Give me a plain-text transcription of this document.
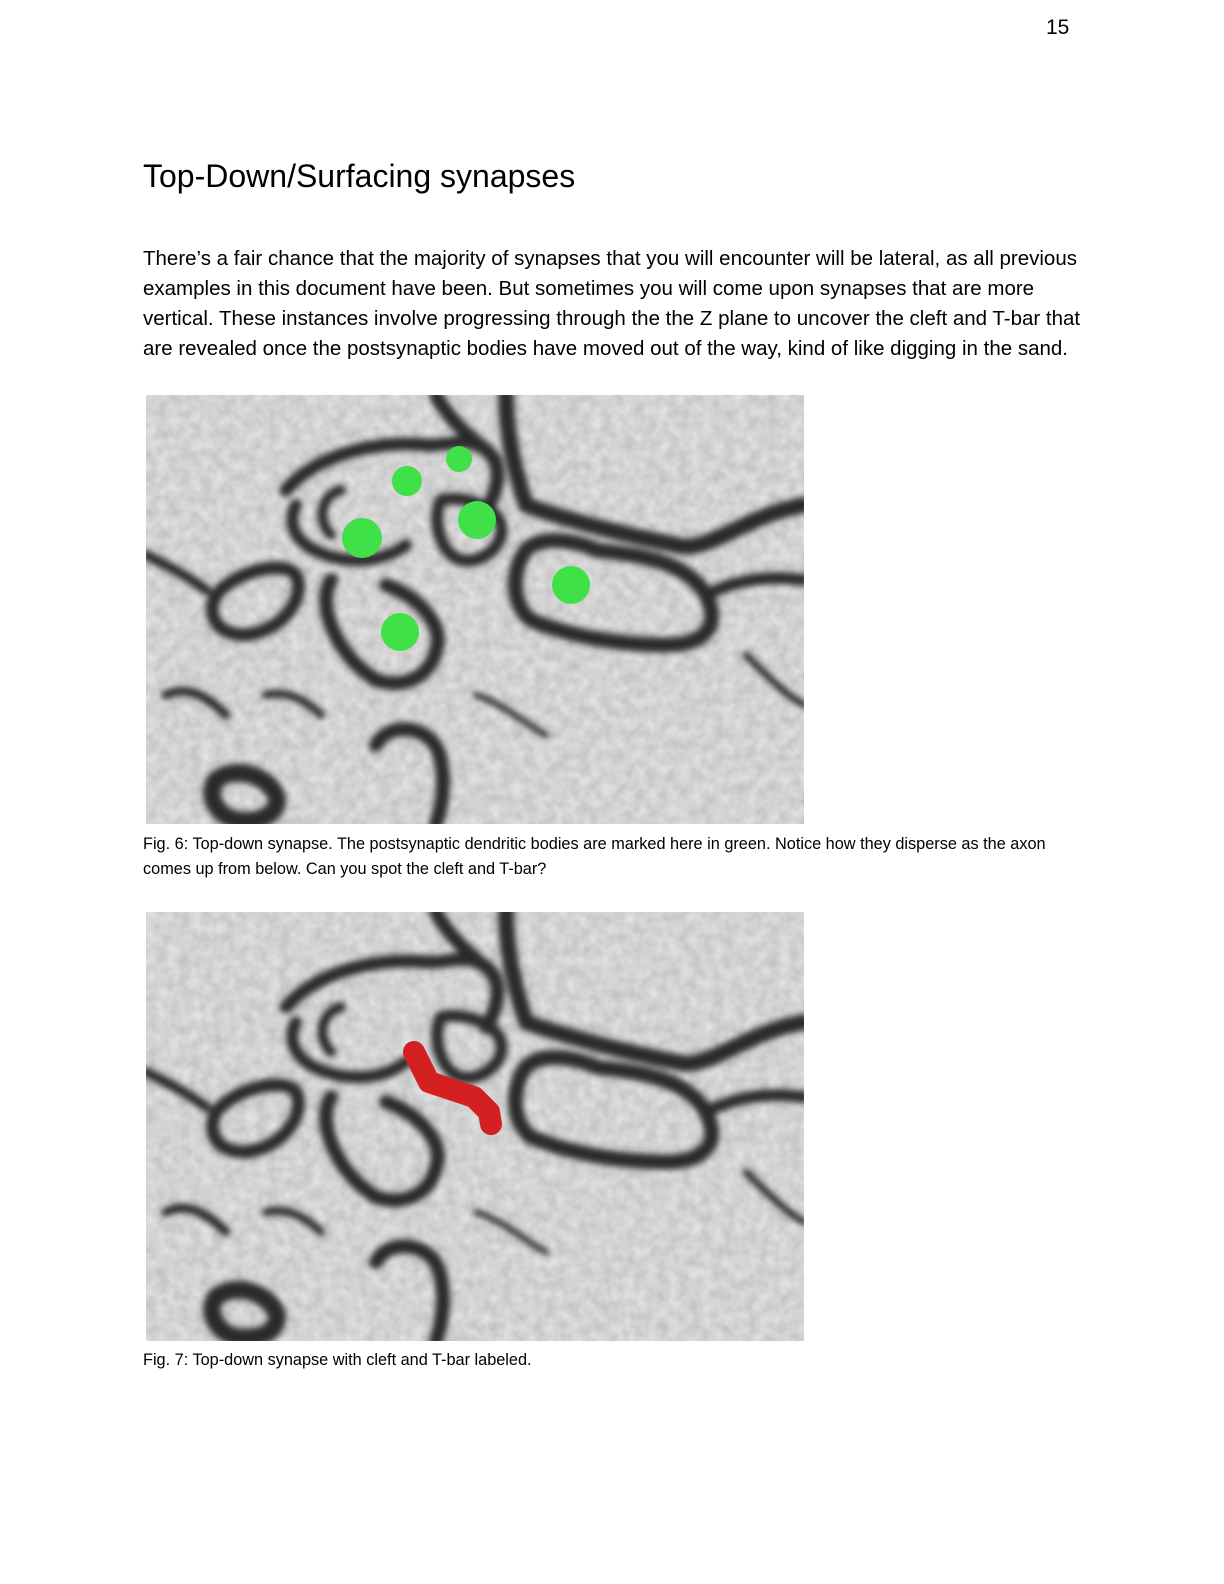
15
Top-Down/Surfacing synapses

There’s a fair chance that the majority of synapses that you will encounter will be lateral, as all previous examples in this document have been. But sometimes you will come upon synapses that are more vertical. These instances involve progressing through the the Z plane to uncover the cleft and T-bar that are revealed once the postsynaptic bodies have moved out of the way, kind of like digging in the sand.

Fig. 6: Top-down synapse. The postsynaptic dendritic bodies are marked here in green. Notice how they disperse as the axon comes up from below. Can you spot the cleft and T-bar?

Fig. 7: Top-down synapse with cleft and T-bar labeled.
